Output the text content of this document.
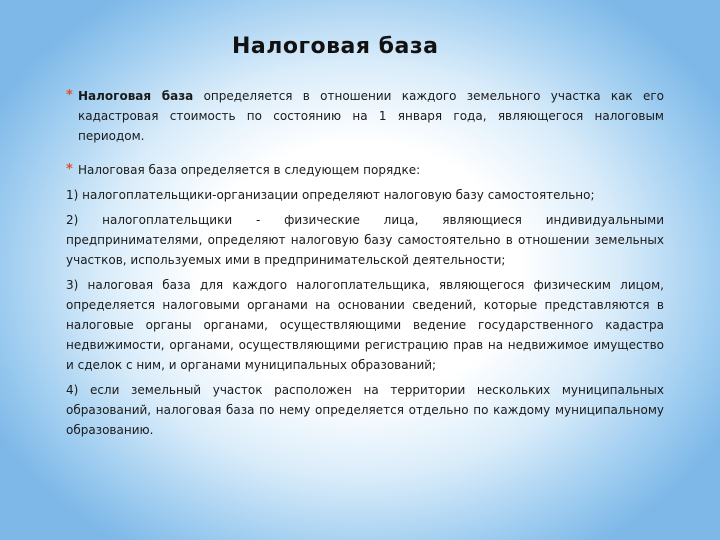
Налоговая база
* Налоговая база определяется в отношении каждого земельного участка как его кадастровая стоимость по состоянию на 1 января года, являющегося налоговым периодом.
* Налоговая база определяется в следующем порядке:

1) налогоплательщики-организации определяют налоговую базу самостоятельно;

2) налогоплательщики - физические лица, являющиеся индивидуальными предпринимателями, определяют налоговую базу самостоятельно в отношении земельных участков, используемых ими в предпринимательской деятельности;

3) налоговая база для каждого налогоплательщика, являющегося физическим лицом, определяется налоговыми органами на основании сведений, которые представляются в налоговые органы органами, осуществляющими ведение государственного кадастра недвижимости, органами, осуществляющими регистрацию прав на недвижимое имущество и сделок с ним, и органами муниципальных образований;

4) если земельный участок расположен на территории нескольких муниципальных образований, налоговая база по нему определяется отдельно по каждому муниципальному образованию.
